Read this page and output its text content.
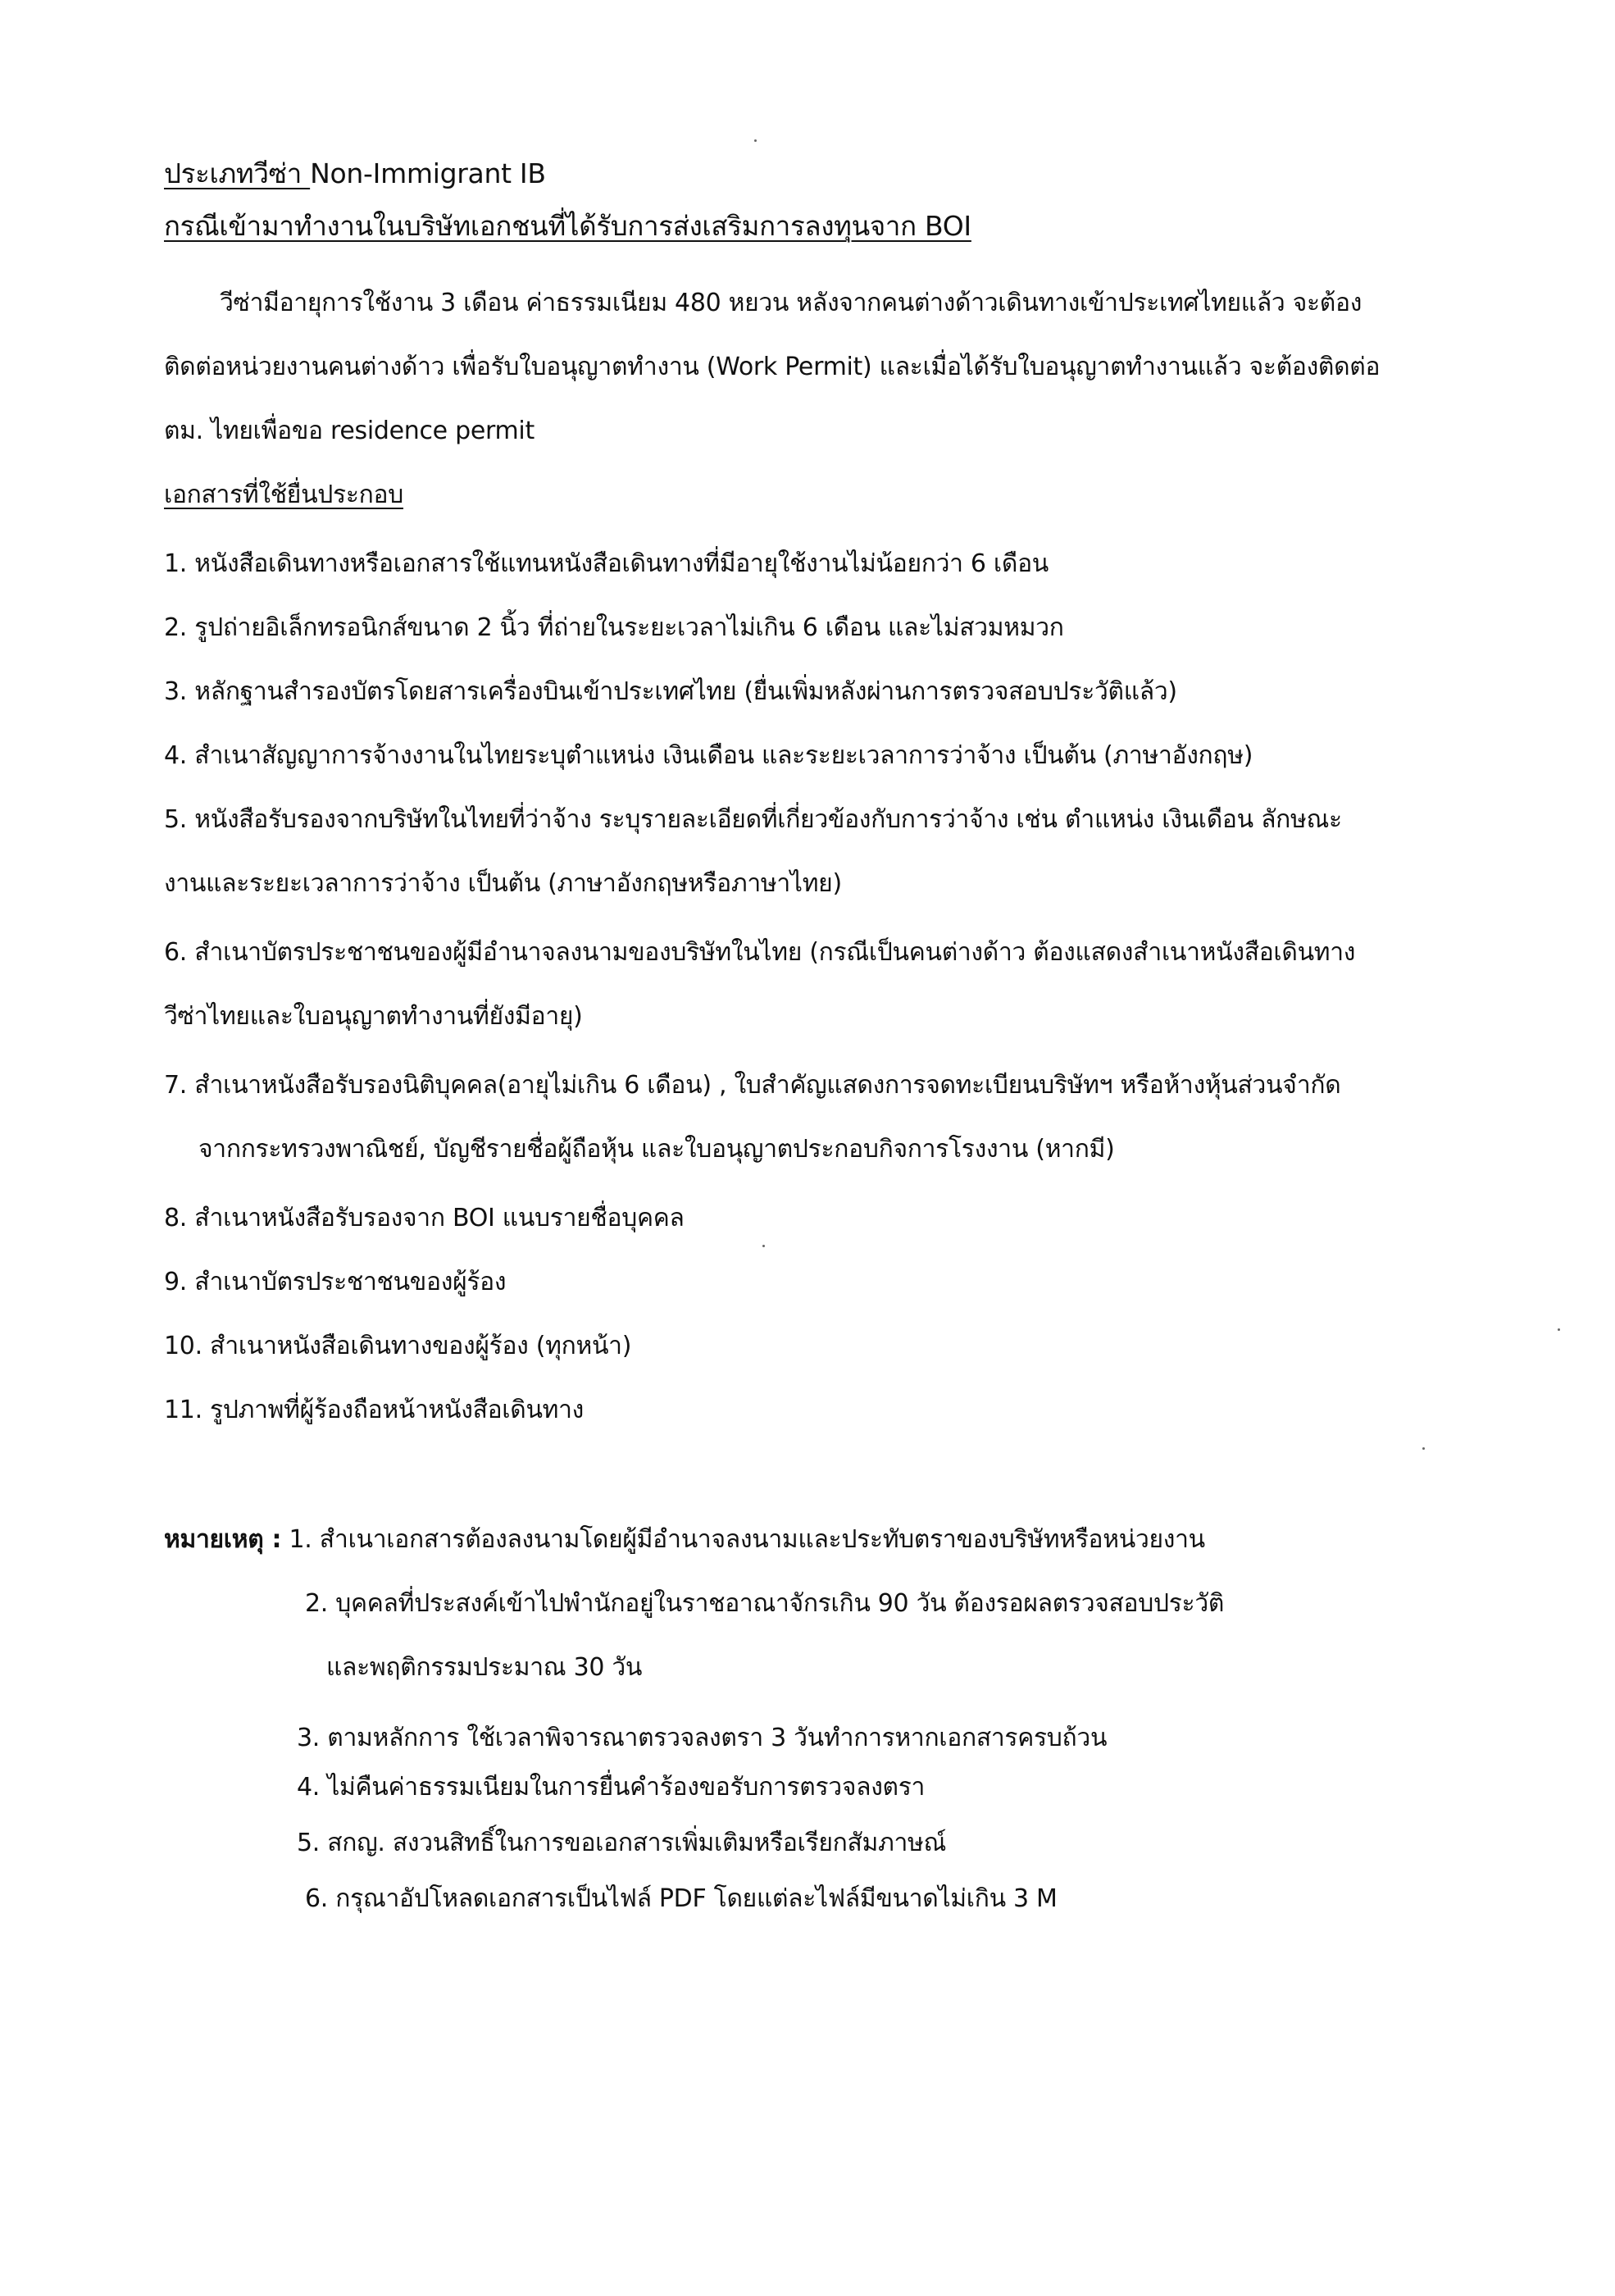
ประเภทวีซ่า Non-Immigrant IB
กรณีเข้ามาทำงานในบริษัทเอกชนที่ได้รับการส่งเสริมการลงทุนจาก BOI
วีซ่ามีอายุการใช้งาน 3 เดือน ค่าธรรมเนียม 480 หยวน หลังจากคนต่างด้าวเดินทางเข้าประเทศไทยแล้ว จะต้อง
ติดต่อหน่วยงานคนต่างด้าว เพื่อรับใบอนุญาตทำงาน (Work Permit) และเมื่อได้รับใบอนุญาตทำงานแล้ว จะต้องติดต่อ
ตม. ไทยเพื่อขอ residence permit
เอกสารที่ใช้ยื่นประกอบ
1. หนังสือเดินทางหรือเอกสารใช้แทนหนังสือเดินทางที่มีอายุใช้งานไม่น้อยกว่า 6 เดือน
2. รูปถ่ายอิเล็กทรอนิกส์ขนาด 2 นิ้ว ที่ถ่ายในระยะเวลาไม่เกิน 6 เดือน และไม่สวมหมวก
3. หลักฐานสำรองบัตรโดยสารเครื่องบินเข้าประเทศไทย (ยื่นเพิ่มหลังผ่านการตรวจสอบประวัติแล้ว)
4. สำเนาสัญญาการจ้างงานในไทยระบุตำแหน่ง เงินเดือน และระยะเวลาการว่าจ้าง เป็นต้น (ภาษาอังกฤษ)
5. หนังสือรับรองจากบริษัทในไทยที่ว่าจ้าง ระบุรายละเอียดที่เกี่ยวข้องกับการว่าจ้าง เช่น ตำแหน่ง เงินเดือน ลักษณะ
งานและระยะเวลาการว่าจ้าง เป็นต้น (ภาษาอังกฤษหรือภาษาไทย)
6. สำเนาบัตรประชาชนของผู้มีอำนาจลงนามของบริษัทในไทย (กรณีเป็นคนต่างด้าว ต้องแสดงสำเนาหนังสือเดินทาง
วีซ่าไทยและใบอนุญาตทำงานที่ยังมีอายุ)
7. สำเนาหนังสือรับรองนิติบุคคล(อายุไม่เกิน 6 เดือน) , ใบสำคัญแสดงการจดทะเบียนบริษัทฯ หรือห้างหุ้นส่วนจำกัด
จากกระทรวงพาณิชย์, บัญชีรายชื่อผู้ถือหุ้น และใบอนุญาตประกอบกิจการโรงงาน (หากมี)
8. สำเนาหนังสือรับรองจาก BOI แนบรายชื่อบุคคล
9. สำเนาบัตรประชาชนของผู้ร้อง
10. สำเนาหนังสือเดินทางของผู้ร้อง (ทุกหน้า)
11. รูปภาพที่ผู้ร้องถือหน้าหนังสือเดินทาง
หมายเหตุ : 1. สำเนาเอกสารต้องลงนามโดยผู้มีอำนาจลงนามและประทับตราของบริษัทหรือหน่วยงาน
2. บุคคลที่ประสงค์เข้าไปพำนักอยู่ในราชอาณาจักรเกิน 90 วัน ต้องรอผลตรวจสอบประวัติ
และพฤติกรรมประมาณ 30 วัน
3. ตามหลักการ ใช้เวลาพิจารณาตรวจลงตรา 3 วันทำการหากเอกสารครบถ้วน
4. ไม่คืนค่าธรรมเนียมในการยื่นคำร้องขอรับการตรวจลงตรา
5. สกญ. สงวนสิทธิ์ในการขอเอกสารเพิ่มเติมหรือเรียกสัมภาษณ์
6. กรุณาอัปโหลดเอกสารเป็นไฟล์ PDF โดยแต่ละไฟล์มีขนาดไม่เกิน 3 M
